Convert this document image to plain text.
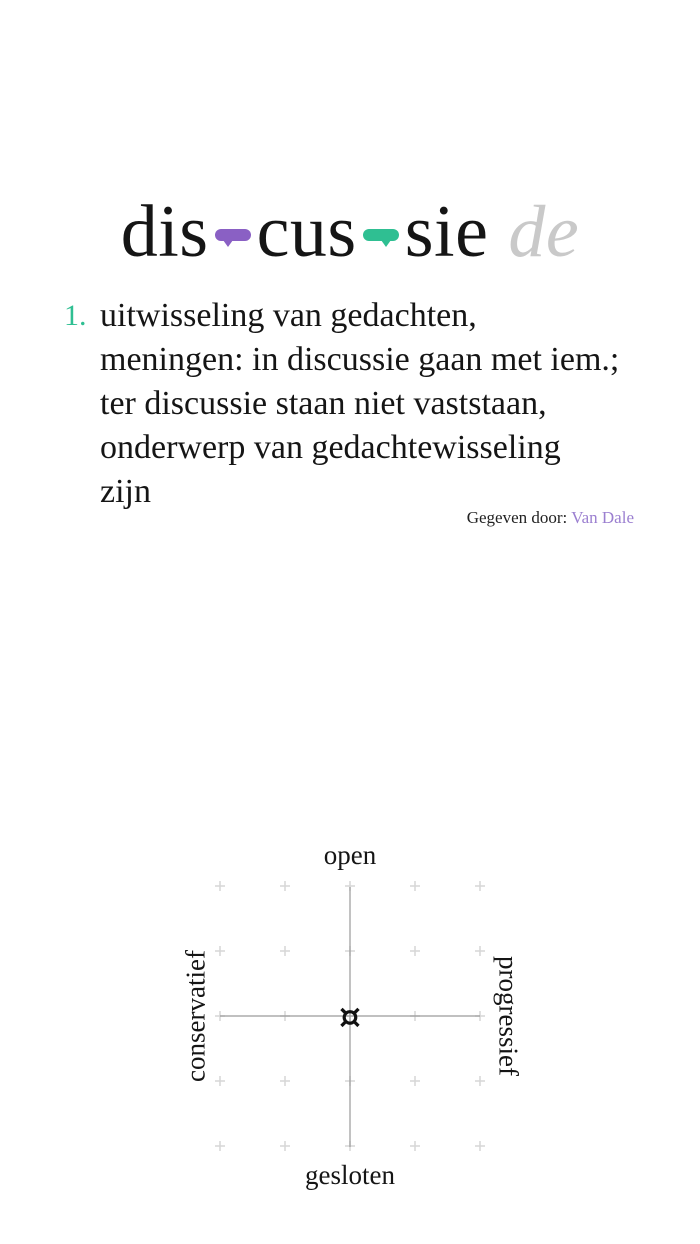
dis cus sie de
1. uitwisseling van gedachten, meningen: in discussie gaan met iem.; ter discussie staan niet vaststaan, onderwerp van gedachtewisseling zijn
Gegeven door: Van Dale
¤
open
gesloten
conservatief	progressief
